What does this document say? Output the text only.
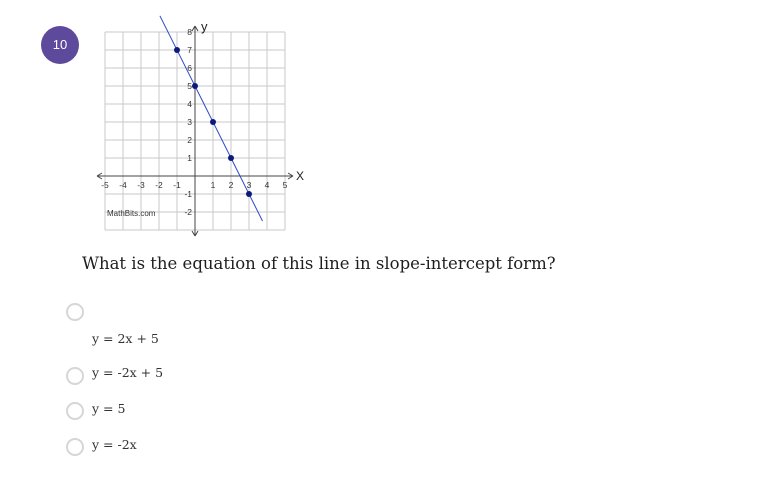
10
X
y
-5 -4 -3 -2 -1	1 2 3 4 5
8
7
6
5
4
3
2
1
-1
-2
MathBits.com
What is the equation of this line in slope-intercept form?
y = 2x + 5
y = -2x + 5
y = 5
y = -2x
